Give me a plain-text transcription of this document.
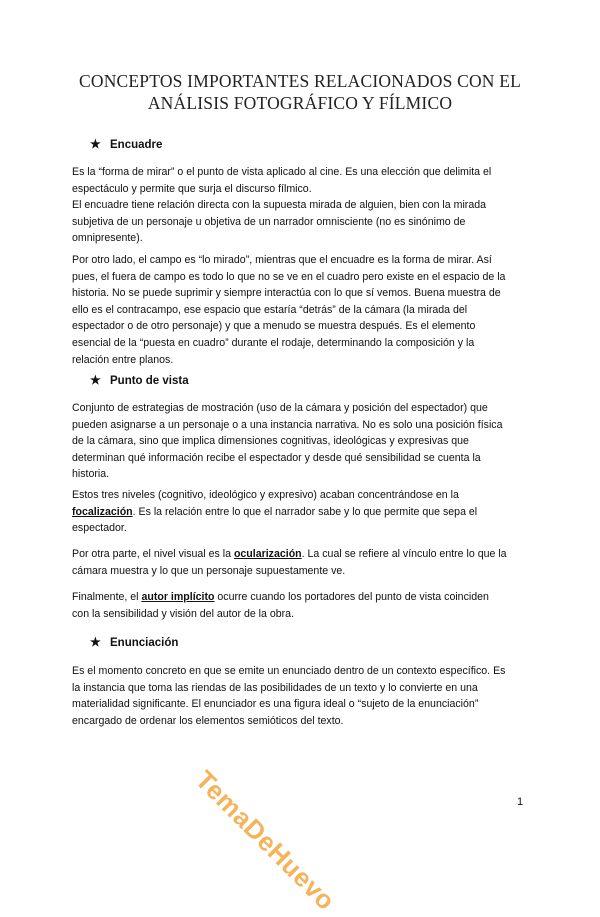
CONCEPTOS IMPORTANTES RELACIONADOS CON EL
ANÁLISIS FOTOGRÁFICO Y FÍLMICO
★ Encuadre
Es la “forma de mirar” o el punto de vista aplicado al cine. Es una elección que delimita el
espectáculo y permite que surja el discurso fílmico.
El encuadre tiene relación directa con la supuesta mirada de alguien, bien con la mirada
subjetiva de un personaje u objetiva de un narrador omnisciente (no es sinónimo de
omnipresente).
Por otro lado, el campo es “lo mirado”, mientras que el encuadre es la forma de mirar. Así
pues, el fuera de campo es todo lo que no se ve en el cuadro pero existe en el espacio de la
historia. No se puede suprimir y siempre interactúa con lo que sí vemos. Buena muestra de
ello es el contracampo, ese espacio que estaría “detrás” de la cámara (la mirada del
espectador o de otro personaje) y que a menudo se muestra después. Es el elemento
esencial de la “puesta en cuadro” durante el rodaje, determinando la composición y la
relación entre planos.
★ Punto de vista
Conjunto de estrategias de mostración (uso de la cámara y posición del espectador) que
pueden asignarse a un personaje o a una instancia narrativa. No es solo una posición física
de la cámara, sino que implica dimensiones cognitivas, ideológicas y expresivas que
determinan qué información recibe el espectador y desde qué sensibilidad se cuenta la
historia.
Estos tres niveles (cognitivo, ideológico y expresivo) acaban concentrándose en la
focalización. Es la relación entre lo que el narrador sabe y lo que permite que sepa el
espectador.
Por otra parte, el nivel visual es la ocularización. La cual se refiere al vínculo entre lo que la
cámara muestra y lo que un personaje supuestamente ve.
Finalmente, el autor implícito ocurre cuando los portadores del punto de vista coinciden
con la sensibilidad y visión del autor de la obra.
★ Enunciación
Es el momento concreto en que se emite un enunciado dentro de un contexto específico. Es
la instancia que toma las riendas de las posibilidades de un texto y lo convierte en una
materialidad significante. El enunciador es una figura ideal o “sujeto de la enunciación”
encargado de ordenar los elementos semióticos del texto.
TemaDeHuevo	1
